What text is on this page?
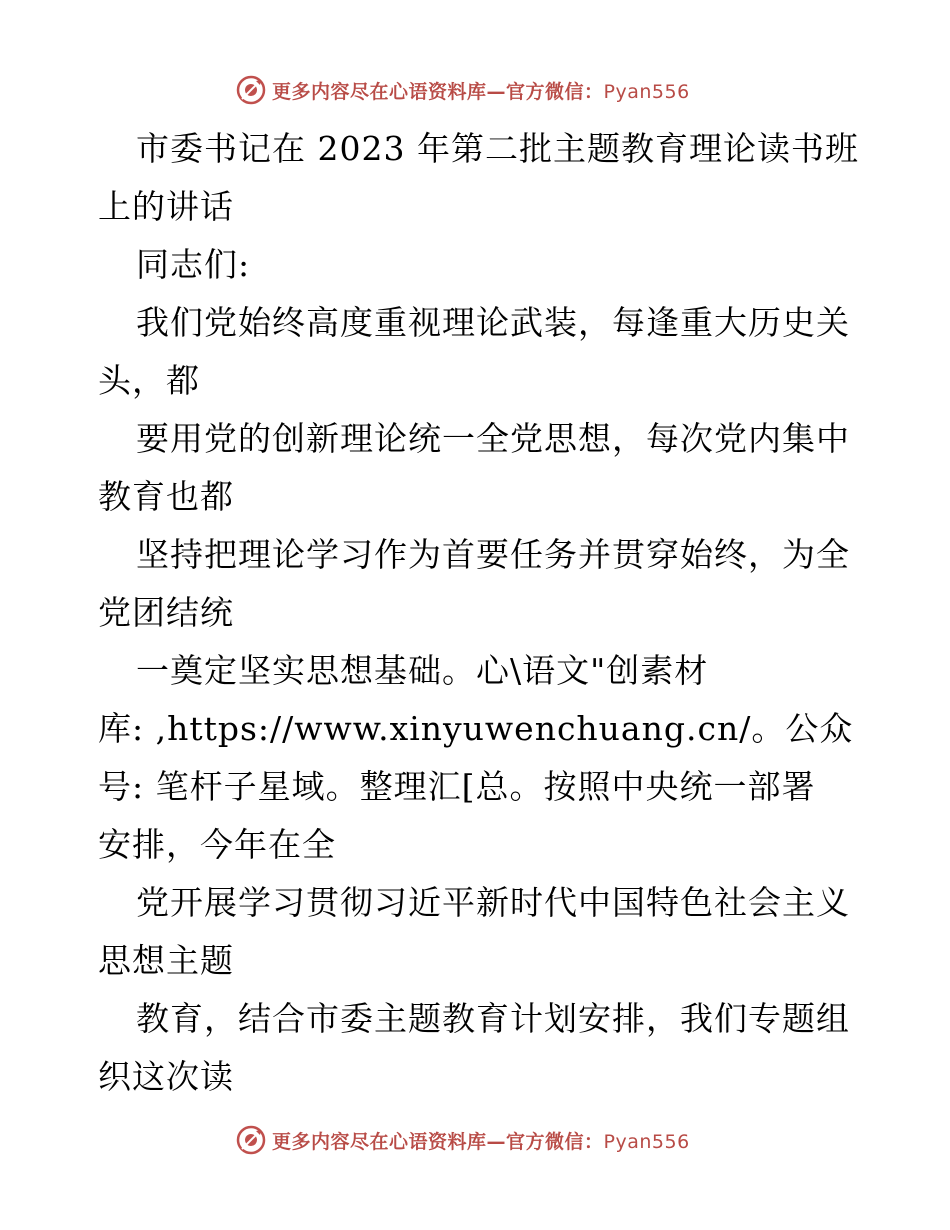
更多内容尽在心语资料库—官方微信：Pyan556
市委书记在 2023 年第二批主题教育理论读书班
上的讲话
同志们:
我们党始终高度重视理论武装，每逢重大历史关
头，都
要用党的创新理论统一全党思想，每次党内集中
教育也都
坚持把理论学习作为首要任务并贯穿始终，为全
党团结统
一奠定坚实思想基础。心\语文"创素材
库: ,https://www.xinyuwenchuang.cn/。公众
号: 笔杆子星域。整理汇[总。按照中央统一部署
安排，今年在全
党开展学习贯彻习近平新时代中国特色社会主义
思想主题
教育，结合市委主题教育计划安排，我们专题组
织这次读
更多内容尽在心语资料库—官方微信：Pyan556
